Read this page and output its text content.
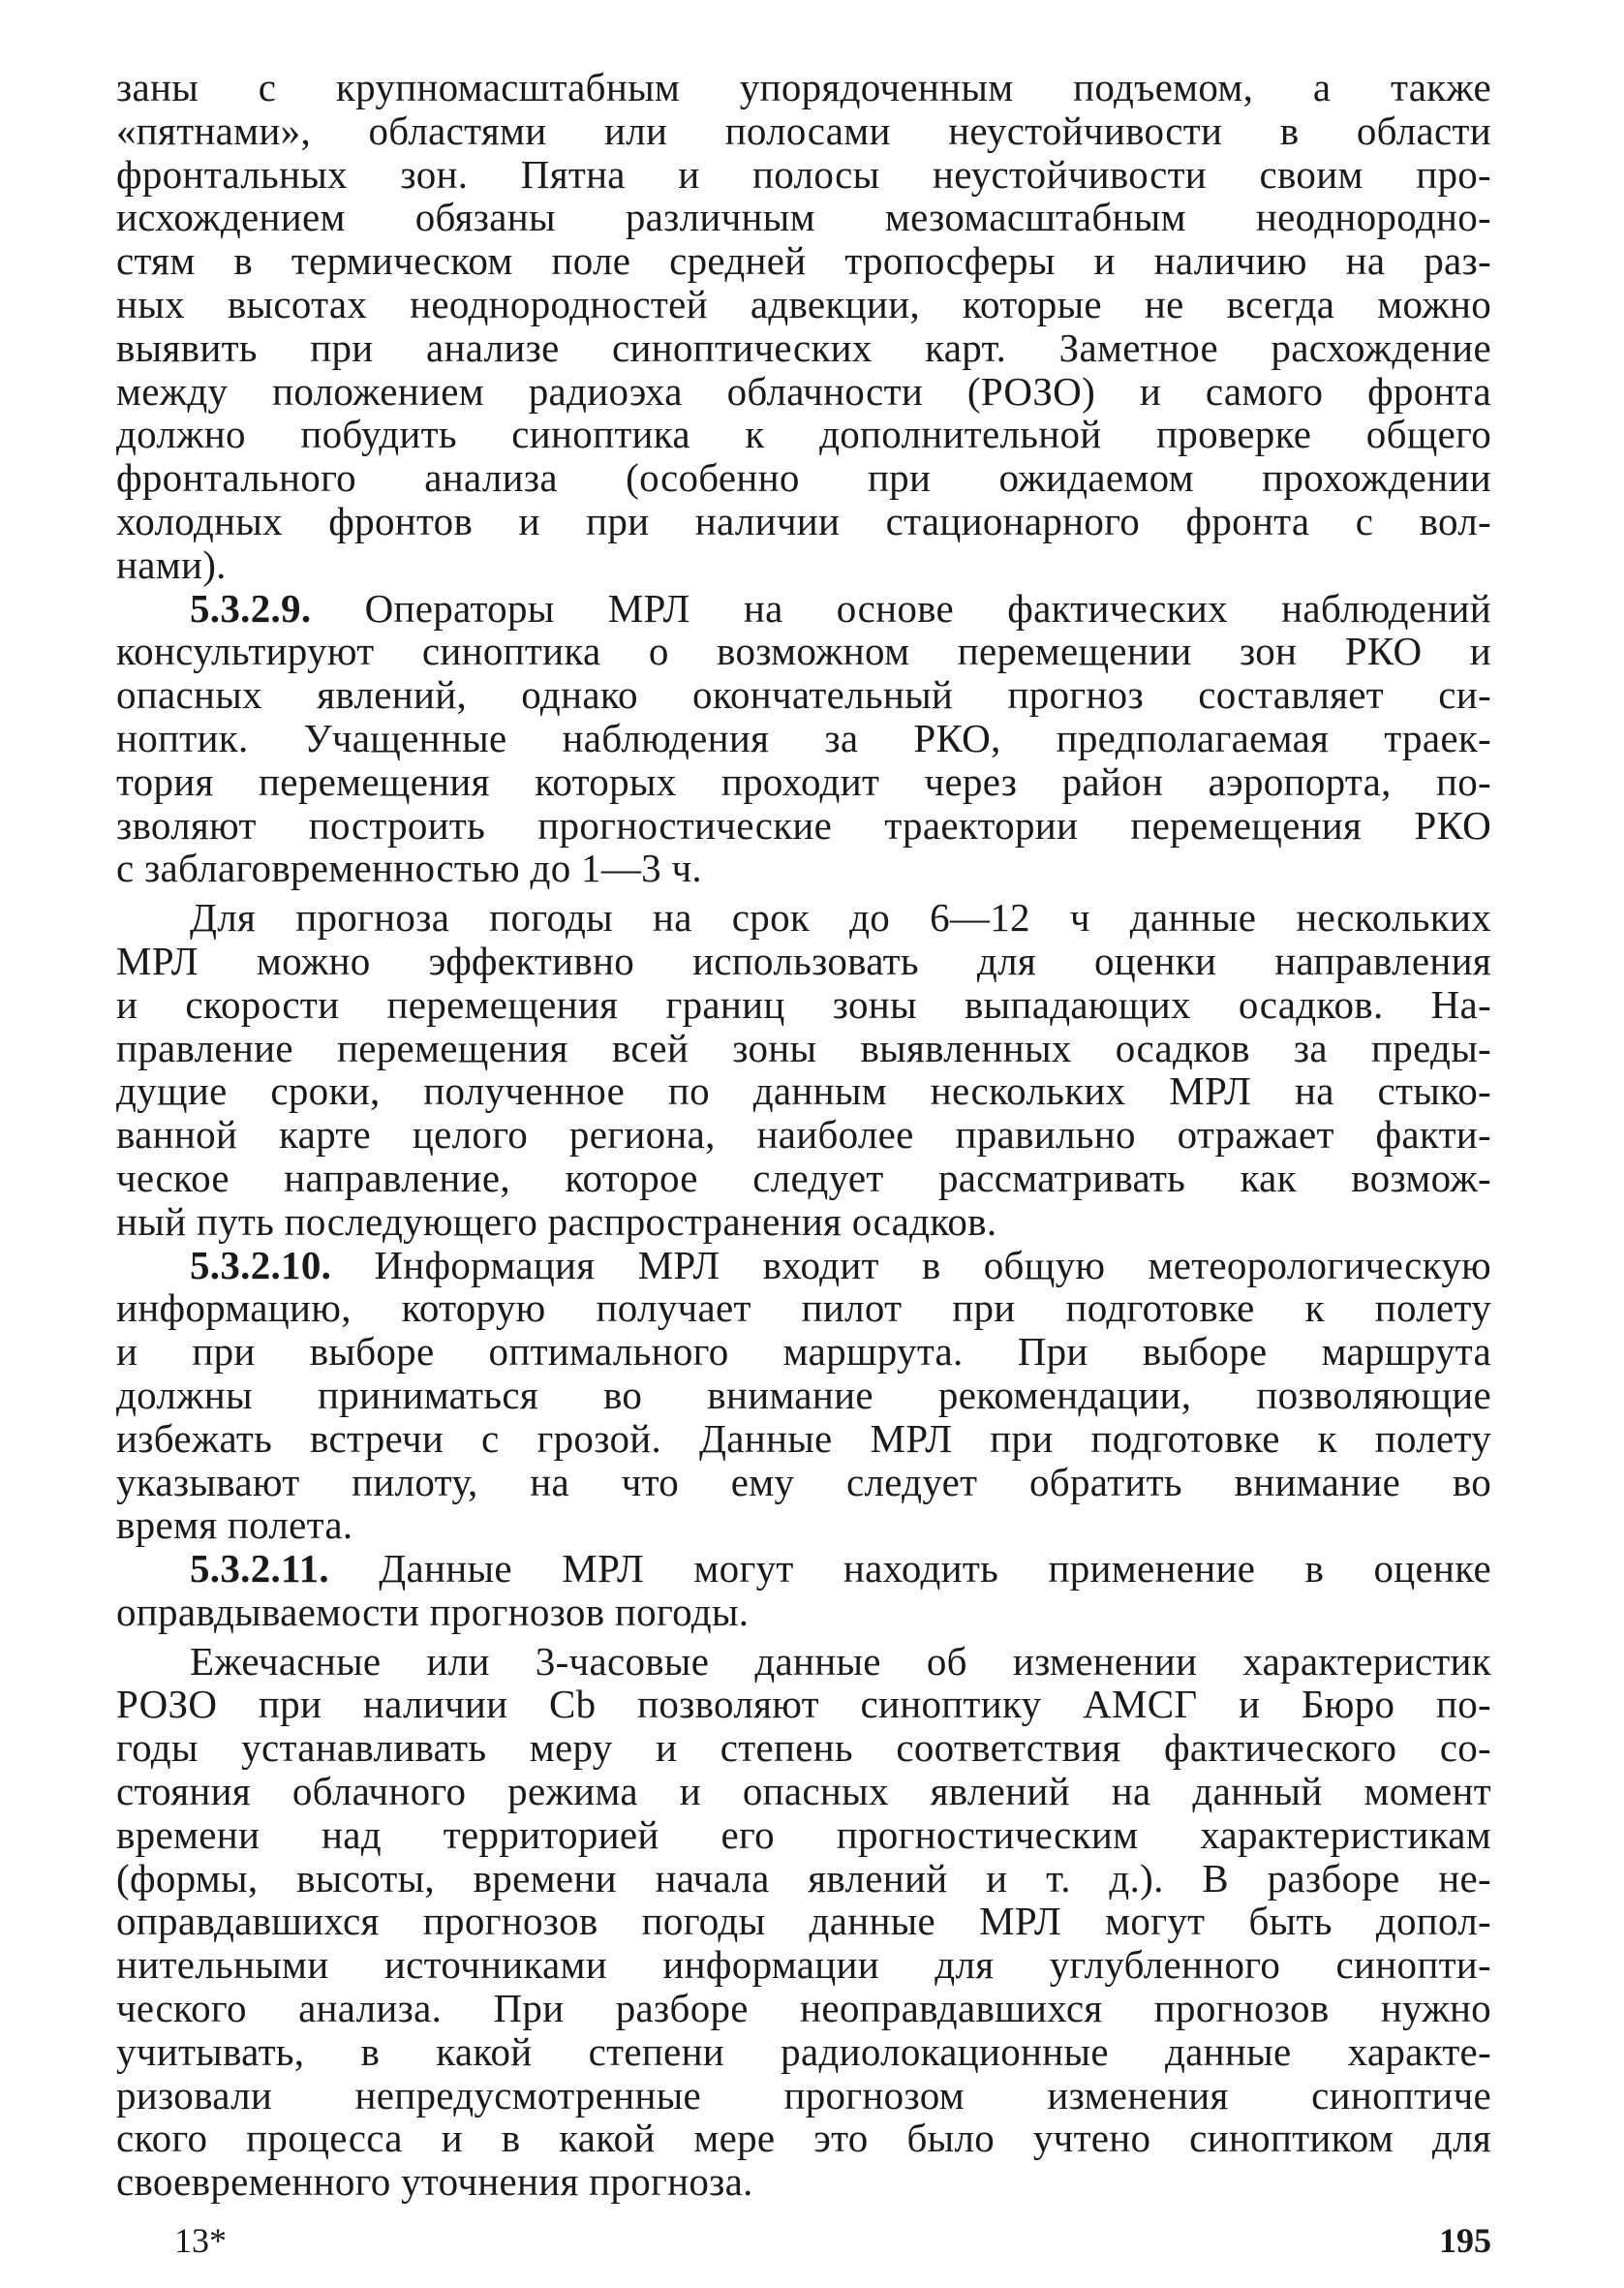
заны с крупномасштабным упорядоченным подъемом, а также
«пятнами», областями или полосами неустойчивости в области
фронтальных зон. Пятна и полосы неустойчивости своим про-
исхождением обязаны различным мезомасштабным неоднородно-
стям в термическом поле средней тропосферы и наличию на раз-
ных высотах неоднородностей адвекции, которые не всегда можно
выявить при анализе синоптических карт. Заметное расхождение
между положением радиоэха облачности (РОЗО) и самого фронта
должно побудить синоптика к дополнительной проверке общего
фронтального анализа (особенно при ожидаемом прохождении
холодных фронтов и при наличии стационарного фронта с вол-
нами).
5.3.2.9. Операторы МРЛ на основе фактических наблюдений
консультируют синоптика о возможном перемещении зон РКО и
опасных явлений, однако окончательный прогноз составляет си-
ноптик. Учащенные наблюдения за РКО, предполагаемая траек-
тория перемещения которых проходит через район аэропорта, по-
зволяют построить прогностические траектории перемещения РКО
с заблаговременностью до 1—3 ч.
Для прогноза погоды на срок до 6—12 ч данные нескольких
МРЛ можно эффективно использовать для оценки направления
и скорости перемещения границ зоны выпадающих осадков. На-
правление перемещения всей зоны выявленных осадков за преды-
дущие сроки, полученное по данным нескольких МРЛ на стыко-
ванной карте целого региона, наиболее правильно отражает факти-
ческое направление, которое следует рассматривать как возмож-
ный путь последующего распространения осадков.
5.3.2.10. Информация МРЛ входит в общую метеорологическую
информацию, которую получает пилот при подготовке к полету
и при выборе оптимального маршрута. При выборе маршрута
должны приниматься во внимание рекомендации, позволяющие
избежать встречи с грозой. Данные МРЛ при подготовке к полету
указывают пилоту, на что ему следует обратить внимание во
время полета.
5.3.2.11. Данные МРЛ могут находить применение в оценке
оправдываемости прогнозов погоды.
Ежечасные или 3-часовые данные об изменении характеристик
РОЗО при наличии Cb позволяют синоптику АМСГ и Бюро по-
годы устанавливать меру и степень соответствия фактического со-
стояния облачного режима и опасных явлений на данный момент
времени над территорией его прогностическим характеристикам
(формы, высоты, времени начала явлений и т. д.). В разборе не-
оправдавшихся прогнозов погоды данные МРЛ могут быть допол-
нительными источниками информации для углубленного синопти-
ческого анализа. При разборе неоправдавшихся прогнозов нужно
учитывать, в какой степени радиолокационные данные характе-
ризовали непредусмотренные прогнозом изменения синоптиче
ского процесса и в какой мере это было учтено синоптиком для
своевременного уточнения прогноза.
13*	195
